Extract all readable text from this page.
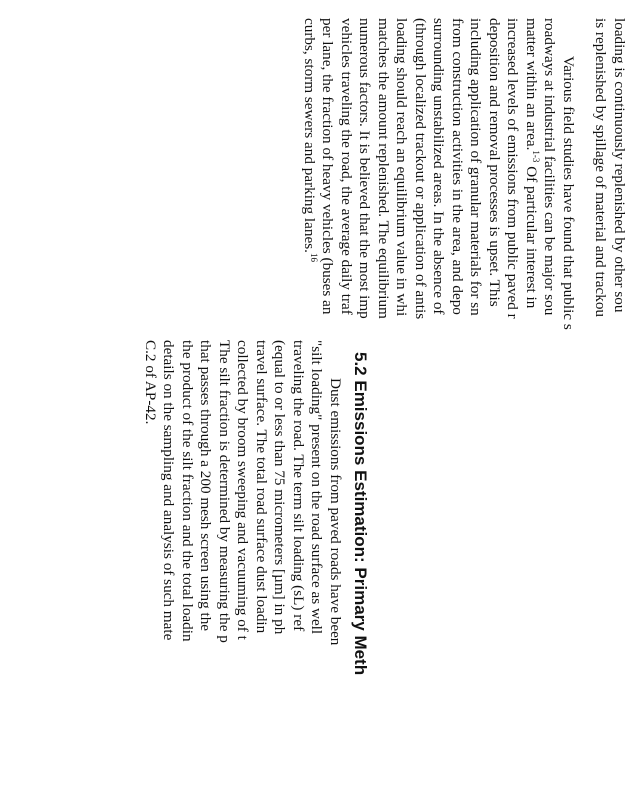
loading is continuously replenished by other sou
is replenished by spillage of material and trackou
Various field studies have found that public s
roadways at industrial facilities can be major sou
matter within an area.$^{1-3}$ Of particular interest in
increased levels of emissions from public paved r
deposition and removal processes is upset. This
including application of granular materials for sn
from construction activities in the area, and depo
surrounding unstabilized areas. In the absence of
(through localized trackout or application of antis
loading should reach an equilibrium value in whi
matches the amount replenished. The equilibrium
numerous factors. It is believed that the most imp
vehicles traveling the road, the average daily traf
per lane, the fraction of heavy vehicles (buses an
curbs, storm sewers and parking lanes.$^{16}$
5.2 Emissions Estimation: Primary Meth
Dust emissions from paved roads have been
"silt loading" present on the road surface as well
traveling the road. The term silt loading (sL) ref
(equal to or less than 75 micrometers [µm] in ph
travel surface. The total road surface dust loadin
collected by broom sweeping and vacuuming of t
The silt fraction is determined by measuring the p
that passes through a 200 mesh screen using the
the product of the silt fraction and the total loadin
details on the sampling and analysis of such mate
C.2 of AP-42.
